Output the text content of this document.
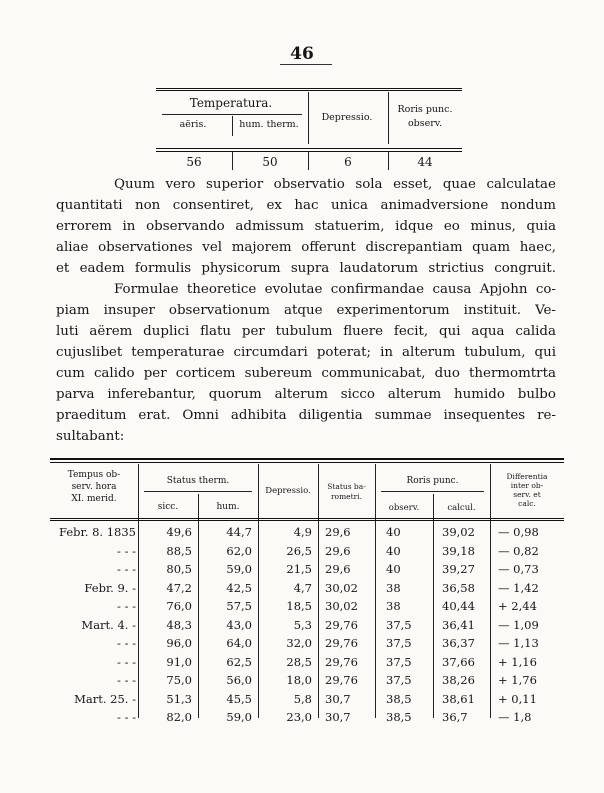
46
Temperatura.
aëris.	hum. therm.
Depressio.
Roris punc.
observ.
56	50	6	44
Quum vero superior observatio sola esset, quae calculatae
quantitati non consentiret, ex hac unica animadversione nondum
errorem in observando admissum statuerim, idque eo minus, quia
aliae observationes vel majorem offerunt discrepantiam quam haec,
et eadem formulis physicorum supra laudatorum strictius congruit.
Formulae theoretice evolutae confirmandae causa Apjohn co-
piam insuper observationum atque experimentorum instituit. Ve-
luti aërem duplici flatu per tubulum fluere fecit, qui aqua calida
cujuslibet temperaturae circumdari poterat; in alterum tubulum, qui
cum calido per corticem subereum communicabat, duo thermomtrta
parva inferebantur, quorum alterum sicco alterum humido bulbo
praeditum erat. Omni adhibita diligentia summae insequentes re-
sultabant:
Tempus ob-
serv. hora
XI. merid.
Status therm.
sicc.	hum.
Depressio.	Status ba-
rometri.
Roris punc.
observ.	calcul.
Differentia
inter ob-
serv. et
calc.
Febr. 8. 1835	49,6	44,7	4,9 29,6	40	39,02	— 0,98
- - -	88,5	62,0	26,5 29,6	40	39,18	— 0,82
- - -	80,5	59,0	21,5 29,6	40	39,27	— 0,73
Febr. 9. -	47,2	42,5	4,7 30,02	38	36,58	— 1,42
- - -	76,0	57,5	18,5 30,02	38	40,44	+ 2,44
Mart. 4. -	48,3	43,0	5,3 29,76	37,5	36,41	— 1,09
- - -	96,0	64,0	32,0 29,76	37,5	36,37	— 1,13
- - -	91,0	62,5	28,5 29,76	37,5	37,66	+ 1,16
- - -	75,0	56,0	18,0 29,76	37,5	38,26	+ 1,76
Mart. 25. -	51,3	45,5	5,8 30,7	38,5	38,61	+ 0,11
- - -	82,0	59,0	23,0 30,7	38,5	36,7	— 1,8
